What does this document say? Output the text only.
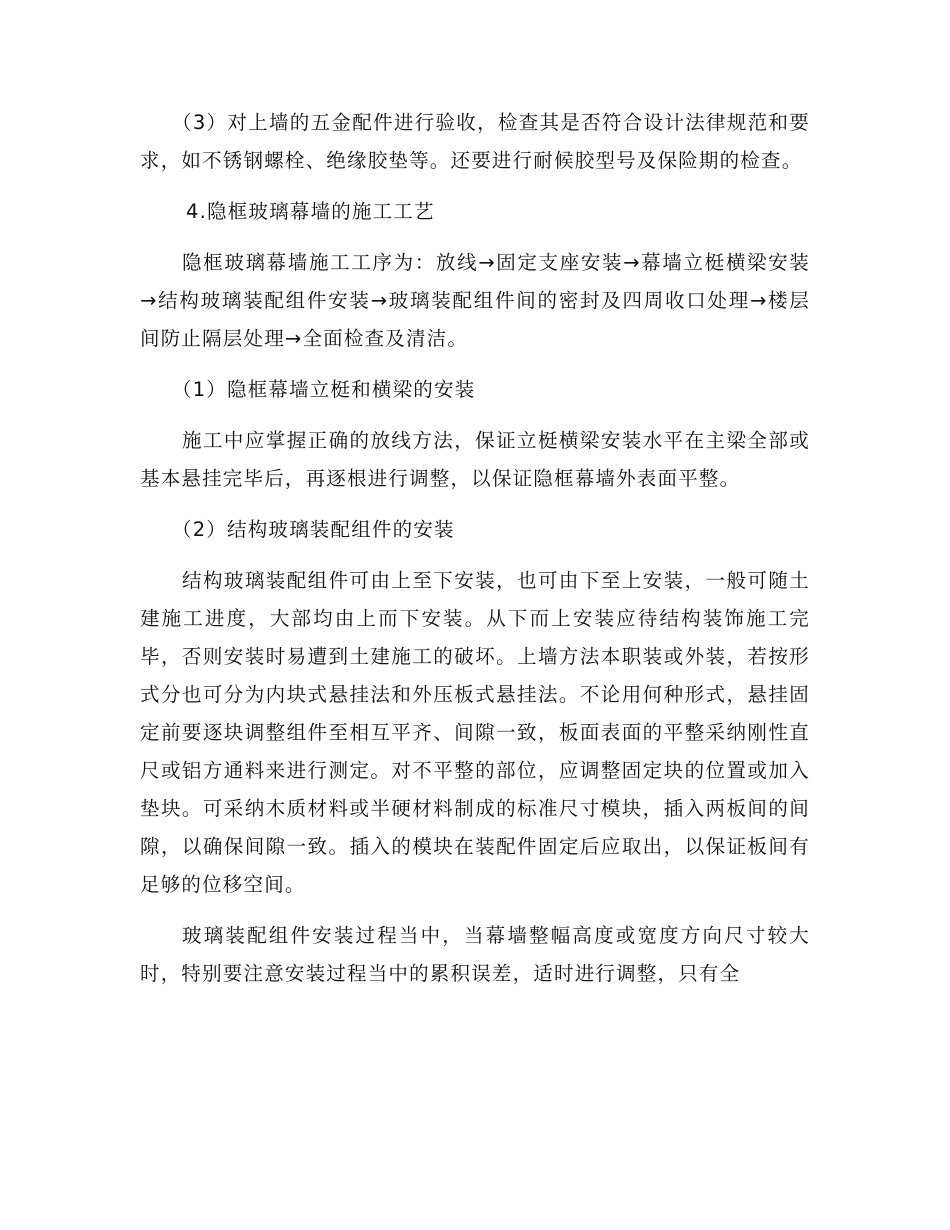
（3）对上墙的五金配件进行验收，检查其是否符合设计法律规范和要求，如不锈钢螺栓、绝缘胶垫等。还要进行耐候胶型号及保险期的检查。

4.隐框玻璃幕墙的施工工艺

隐框玻璃幕墙施工工序为：放线→固定支座安装→幕墙立梃横梁安装→结构玻璃装配组件安装→玻璃装配组件间的密封及四周收口处理→楼层间防止隔层处理→全面检查及清洁。

（1）隐框幕墙立梃和横梁的安装

施工中应掌握正确的放线方法，保证立梃横梁安装水平在主梁全部或基本悬挂完毕后，再逐根进行调整，以保证隐框幕墙外表面平整。

（2）结构玻璃装配组件的安装

结构玻璃装配组件可由上至下安装，也可由下至上安装，一般可随土建施工进度，大部均由上而下安装。从下而上安装应待结构装饰施工完毕，否则安装时易遭到土建施工的破坏。上墙方法本职装或外装，若按形式分也可分为内块式悬挂法和外压板式悬挂法。不论用何种形式，悬挂固定前要逐块调整组件至相互平齐、间隙一致，板面表面的平整采纳刚性直尺或铝方通料来进行测定。对不平整的部位，应调整固定块的位置或加入垫块。可采纳木质材料或半硬材料制成的标准尺寸模块，插入两板间的间隙，以确保间隙一致。插入的模块在装配件固定后应取出，以保证板间有足够的位移空间。

玻璃装配组件安装过程当中，当幕墙整幅高度或宽度方向尺寸较大时，特别要注意安装过程当中的累积误差，适时进行调整，只有全
